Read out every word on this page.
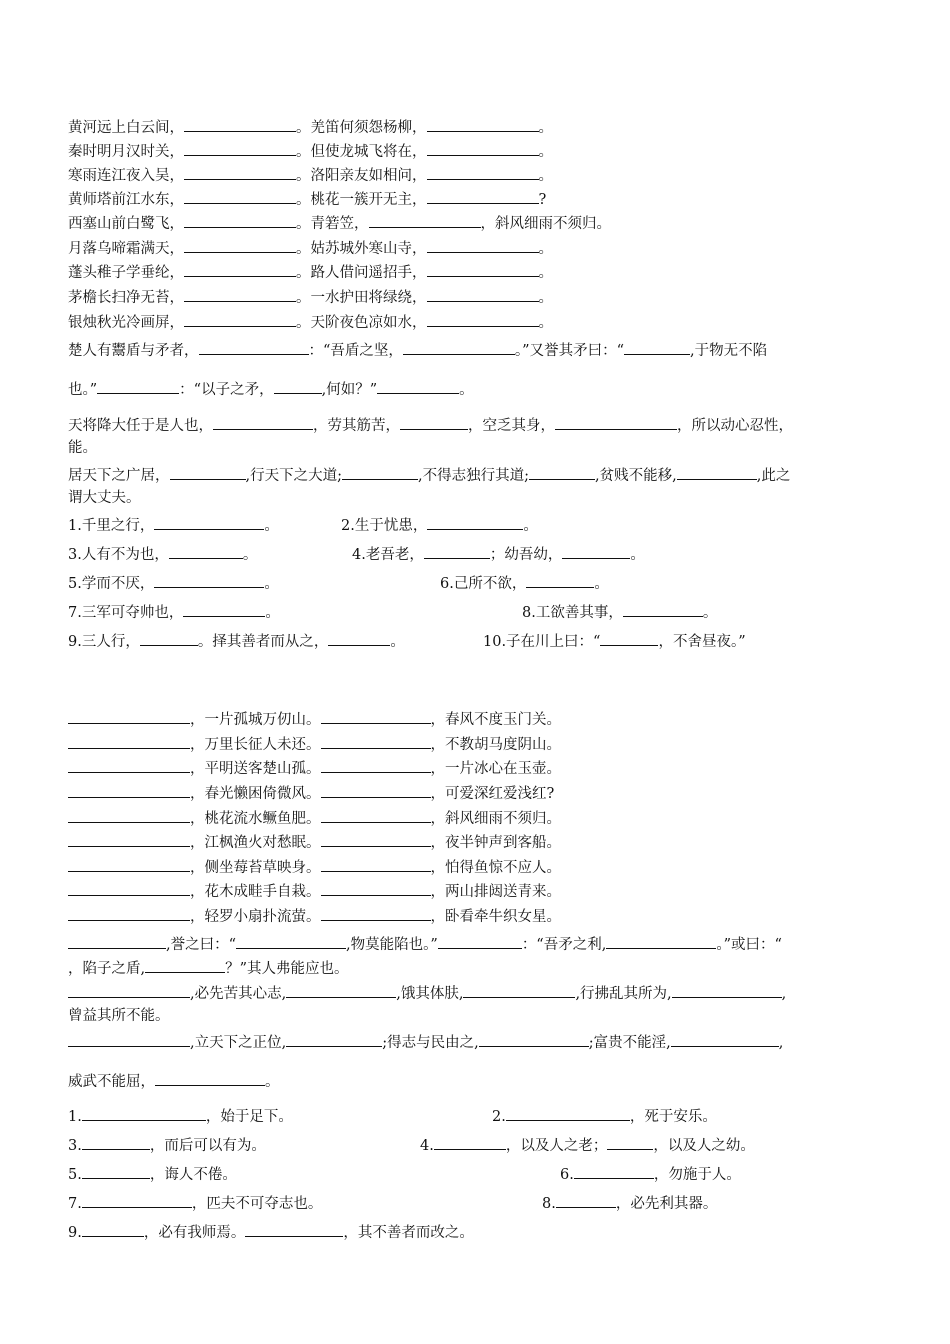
黄河远上白云间，	。羌笛何须怨杨柳，	。
秦时明月汉时关，	。但使龙城飞将在，	。
寒雨连江夜入吴，	。洛阳亲友如相问，	。
黄师塔前江水东，	。桃花一簇开无主，	?
西塞山前白鹭飞，	。青箬笠，	，斜风细雨不须归。
月落乌啼霜满天，	。姑苏城外寒山寺，	。
蓬头稚子学垂纶，	。路人借问遥招手，	。
茅檐长扫净无苔，	。一水护田将绿绕，	。
银烛秋光冷画屏，	。天阶夜色凉如水，	。
楚人有鬻盾与矛者，	：“吾盾之坚，	。”又誉其矛曰：“	,于物无不陷
也。”	：“以子之矛，	,何如？”	。
天将降大任于是人也，	，劳其筋苦，	，空乏其身，	，所以动心忍性，
能。
居天下之广居，	,行天下之大道;	,不得志独行其道;	,贫贱不能移,	,此之
谓大丈夫。
1.千里之行，	。	2.生于忧患，	。
3.人有不为也，	。	4.老吾老，	；幼吾幼，	。
5.学而不厌，	。	6.己所不欲，	。
7.三军可夺帅也，	。	8.工欲善其事，	。
9.三人行，	。择其善者而从之，	。	10.子在川上曰：“	，不舍昼夜。”
，一片孤城万仞山。	，春风不度玉门关。
，万里长征人未还。	，不教胡马度阴山。
，平明送客楚山孤。	，一片冰心在玉壶。
，春光懒困倚微风。	，可爱深红爱浅红?
，桃花流水鳜鱼肥。	，斜风细雨不须归。
，江枫渔火对愁眠。	，夜半钟声到客船。
，侧坐莓苔草映身。	，怕得鱼惊不应人。
，花木成畦手自栽。	，两山排闼送青来。
，轻罗小扇扑流萤。	，卧看牵牛织女星。
,誉之曰：“	,物莫能陷也。”	：“吾矛之利,	。”或曰：“
，陷子之盾,	？”其人弗能应也。
,必先苦其心志,	,饿其体肤,	,行拂乱其所为,	,
曾益其所不能。
,立天下之正位,	;得志与民由之,	;富贵不能淫,	,
威武不能屈，	。
1.	，始于足下。	2.	，死于安乐。
3.	，而后可以有为。	4.	，以及人之老；	，以及人之幼。
5.	，诲人不倦。	6.	，勿施于人。
7.	，匹夫不可夺志也。	8.	，必先利其器。
9.	，必有我师焉。	，其不善者而改之。
